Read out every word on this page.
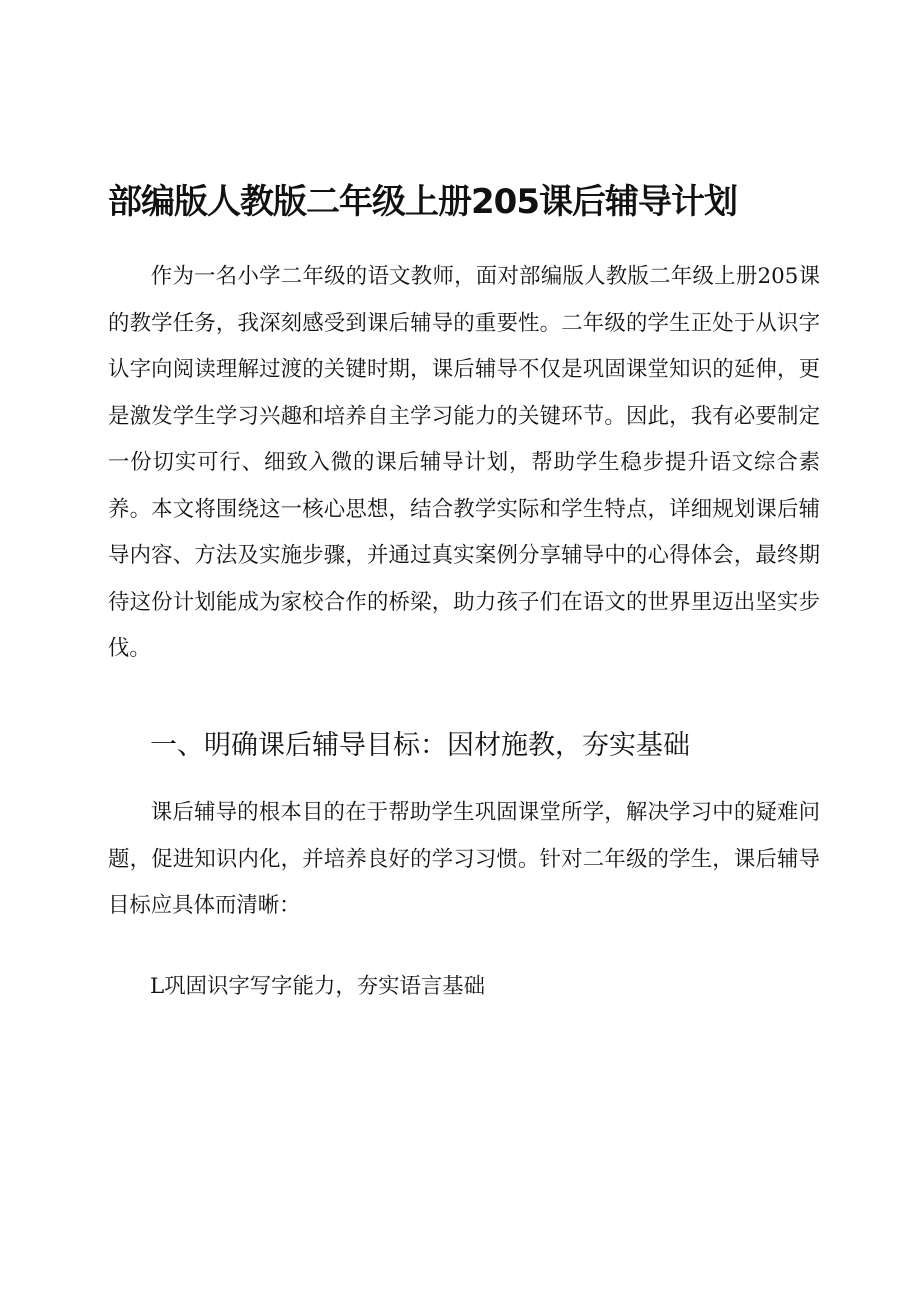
部编版人教版二年级上册205课后辅导计划

作为一名小学二年级的语文教师，面对部编版人教版二年级上册205课的教学任务，我深刻感受到课后辅导的重要性。二年级的学生正处于从识字认字向阅读理解过渡的关键时期，课后辅导不仅是巩固课堂知识的延伸，更是激发学生学习兴趣和培养自主学习能力的关键环节。因此，我有必要制定一份切实可行、细致入微的课后辅导计划，帮助学生稳步提升语文综合素养。本文将围绕这一核心思想，结合教学实际和学生特点，详细规划课后辅导内容、方法及实施步骤，并通过真实案例分享辅导中的心得体会，最终期待这份计划能成为家校合作的桥梁，助力孩子们在语文的世界里迈出坚实步伐。

一、明确课后辅导目标：因材施教，夯实基础

课后辅导的根本目的在于帮助学生巩固课堂所学，解决学习中的疑难问题，促进知识内化，并培养良好的学习习惯。针对二年级的学生，课后辅导目标应具体而清晰：

L巩固识字写字能力，夯实语言基础
